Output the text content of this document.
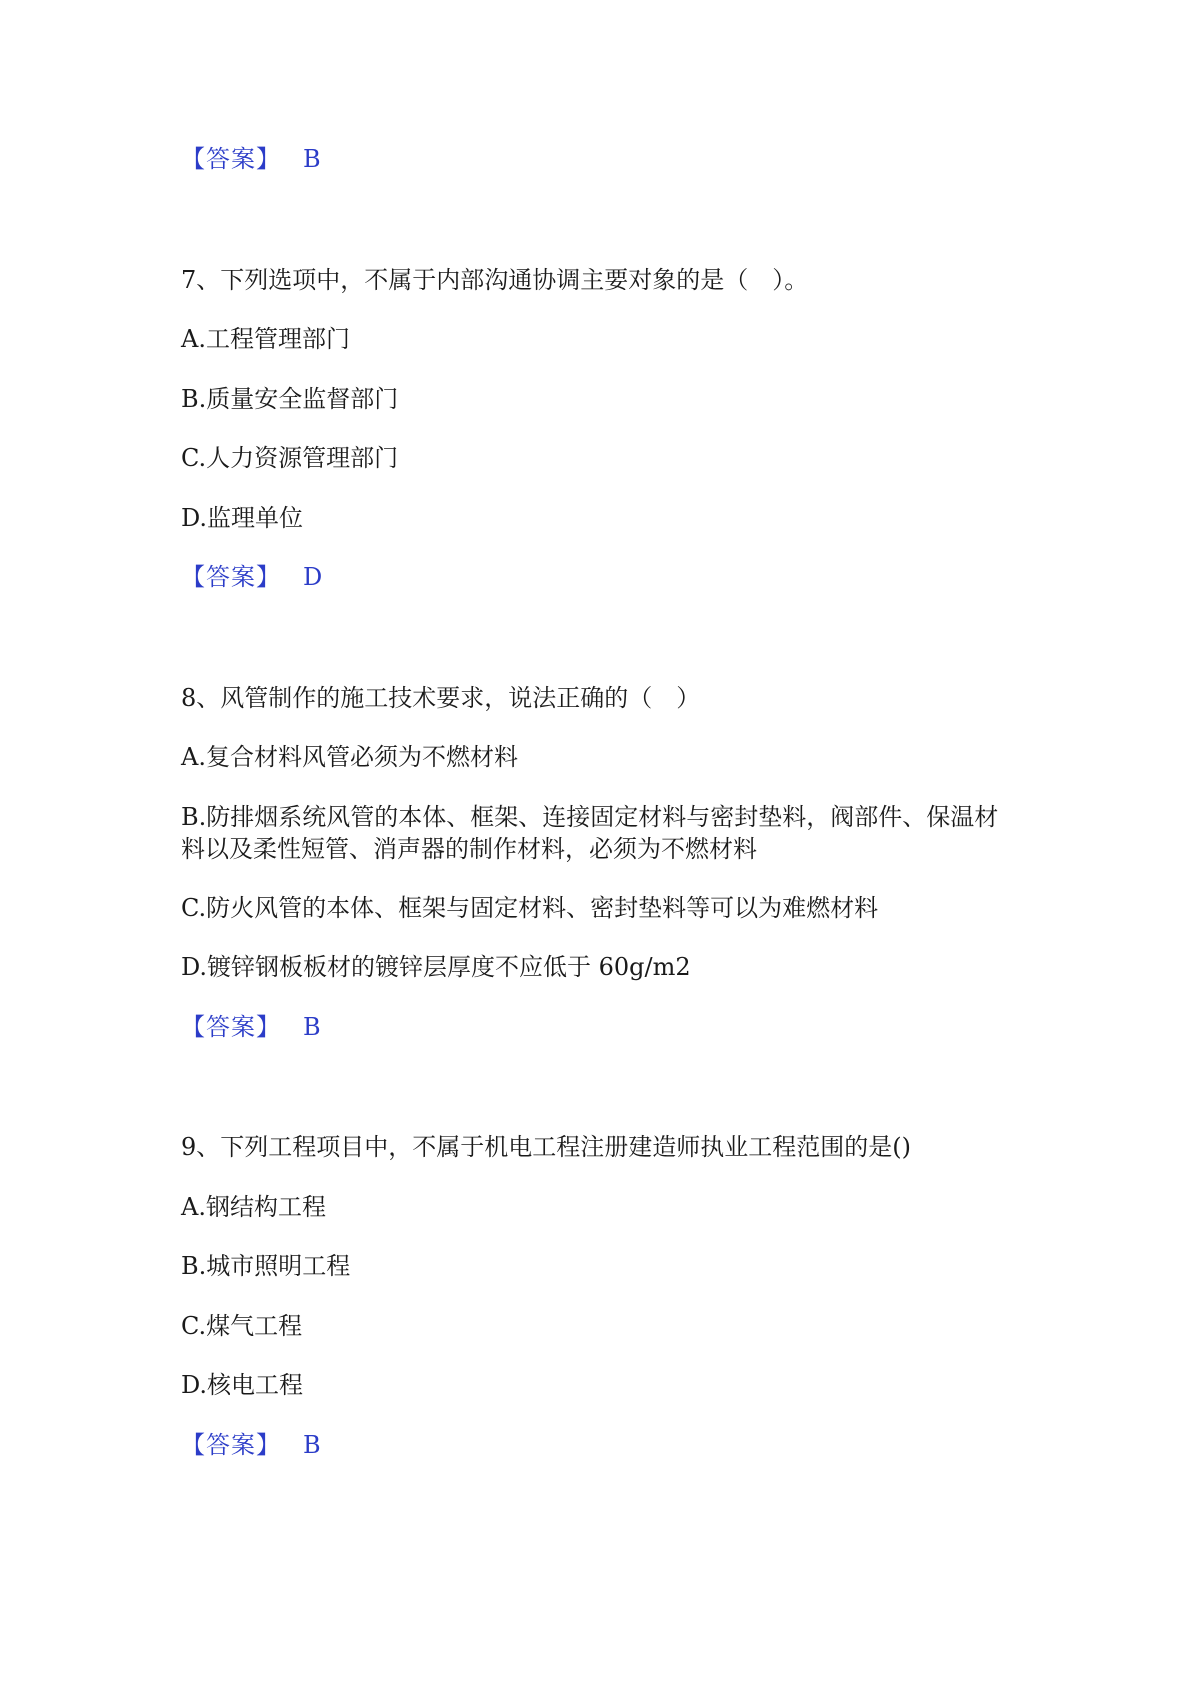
【答案】 B
7、下列选项中，不属于内部沟通协调主要对象的是（　）。
A.工程管理部门
B.质量安全监督部门
C.人力资源管理部门
D.监理单位
【答案】 D
8、风管制作的施工技术要求，说法正确的（　）
A.复合材料风管必须为不燃材料
B.防排烟系统风管的本体、框架、连接固定材料与密封垫料，阀部件、保温材料以及柔性短管、消声器的制作材料，必须为不燃材料
C.防火风管的本体、框架与固定材料、密封垫料等可以为难燃材料
D.镀锌钢板板材的镀锌层厚度不应低于 60g/m2
【答案】 B
9、下列工程项目中，不属于机电工程注册建造师执业工程范围的是()
A.钢结构工程
B.城市照明工程
C.煤气工程
D.核电工程
【答案】 B
